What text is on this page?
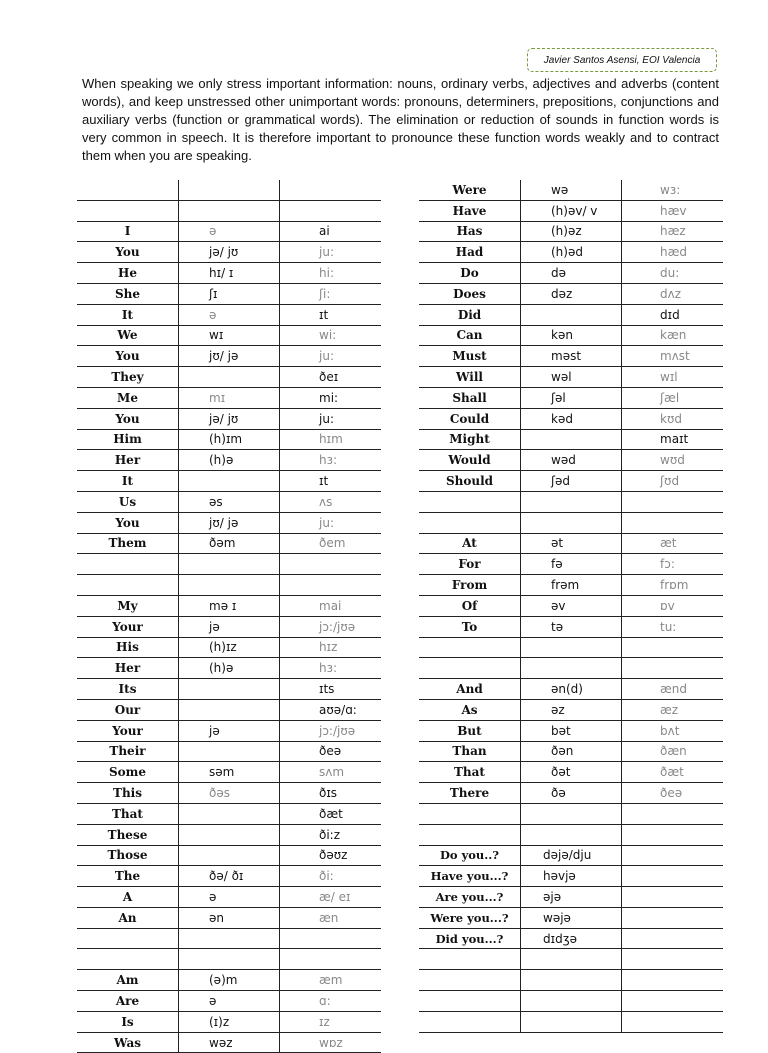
Javier Santos Asensi, EOI Valencia

When speaking we only stress important information: nouns, ordinary verbs, adjectives and adverbs (content words), and keep unstressed other unimportant words: pronouns, determiners, prepositions, conjunctions and auxiliary verbs (function or grammatical words). The elimination or reduction of sounds in function words is very common in speech. It is therefore important to pronounce these function words weakly and to contract them when you are speaking.

I	ə	ai
You	jə/ jʊ	ju:
He	hɪ/ ɪ	hi:
She	ʃɪ	ʃi:
It	ə	ɪt
We	wɪ	wi:
You	jʊ/ jə	ju:
They		ðeɪ
Me	mɪ	mi:
You	jə/ jʊ	ju:
Him	(h)ɪm	hɪm
Her	(h)ə	hɜ:
It		ɪt
Us	əs	ʌs
You	jʊ/ jə	ju:
Them	ðəm	ðem

My	mə ɪ	mai
Your	jə	jɔ:/jʊə
His	(h)ɪz	hɪz
Her	(h)ə	hɜ:
Its		ɪts
Our		aʊə/ɑ:
Your	jə	jɔ:/jʊə
Their		ðeə
Some	səm	sʌm
This	ðəs	ðɪs
That		ðæt
These		ði:z
Those		ðəʊz
The	ðə/ ðɪ	ði:
A	ə	æ/ eɪ
An	ən	æn

Am	(ə)m	æm
Are	ə	ɑ:
Is	(ɪ)z	ɪz
Was	wəz	wɒz
Were	wə	wɜ:
Have	(h)əv/ v	hæv
Has	(h)əz	hæz
Had	(h)əd	hæd
Do	də	du:
Does	dəz	dʌz
Did		dɪd
Can	kən	kæn
Must	məst	mʌst
Will	wəl	wɪl
Shall	ʃəl	ʃæl
Could	kəd	kʊd
Might		maɪt
Would	wəd	wʊd
Should	ʃəd	ʃʊd

At	ət	æt
For	fə	fɔ:
From	frəm	frɒm
Of	əv	ɒv
To	tə	tu:

And	ən(d)	ænd
As	əz	æz
But	bət	bʌt
Than	ðən	ðæn
That	ðət	ðæt
There	ðə	ðeə

Do you..?	dəjə/dju	
Have you...?	həvjə	
Are you...?	əjə	
Were you...?	wəjə	
Did you...?	dɪdʒə	
